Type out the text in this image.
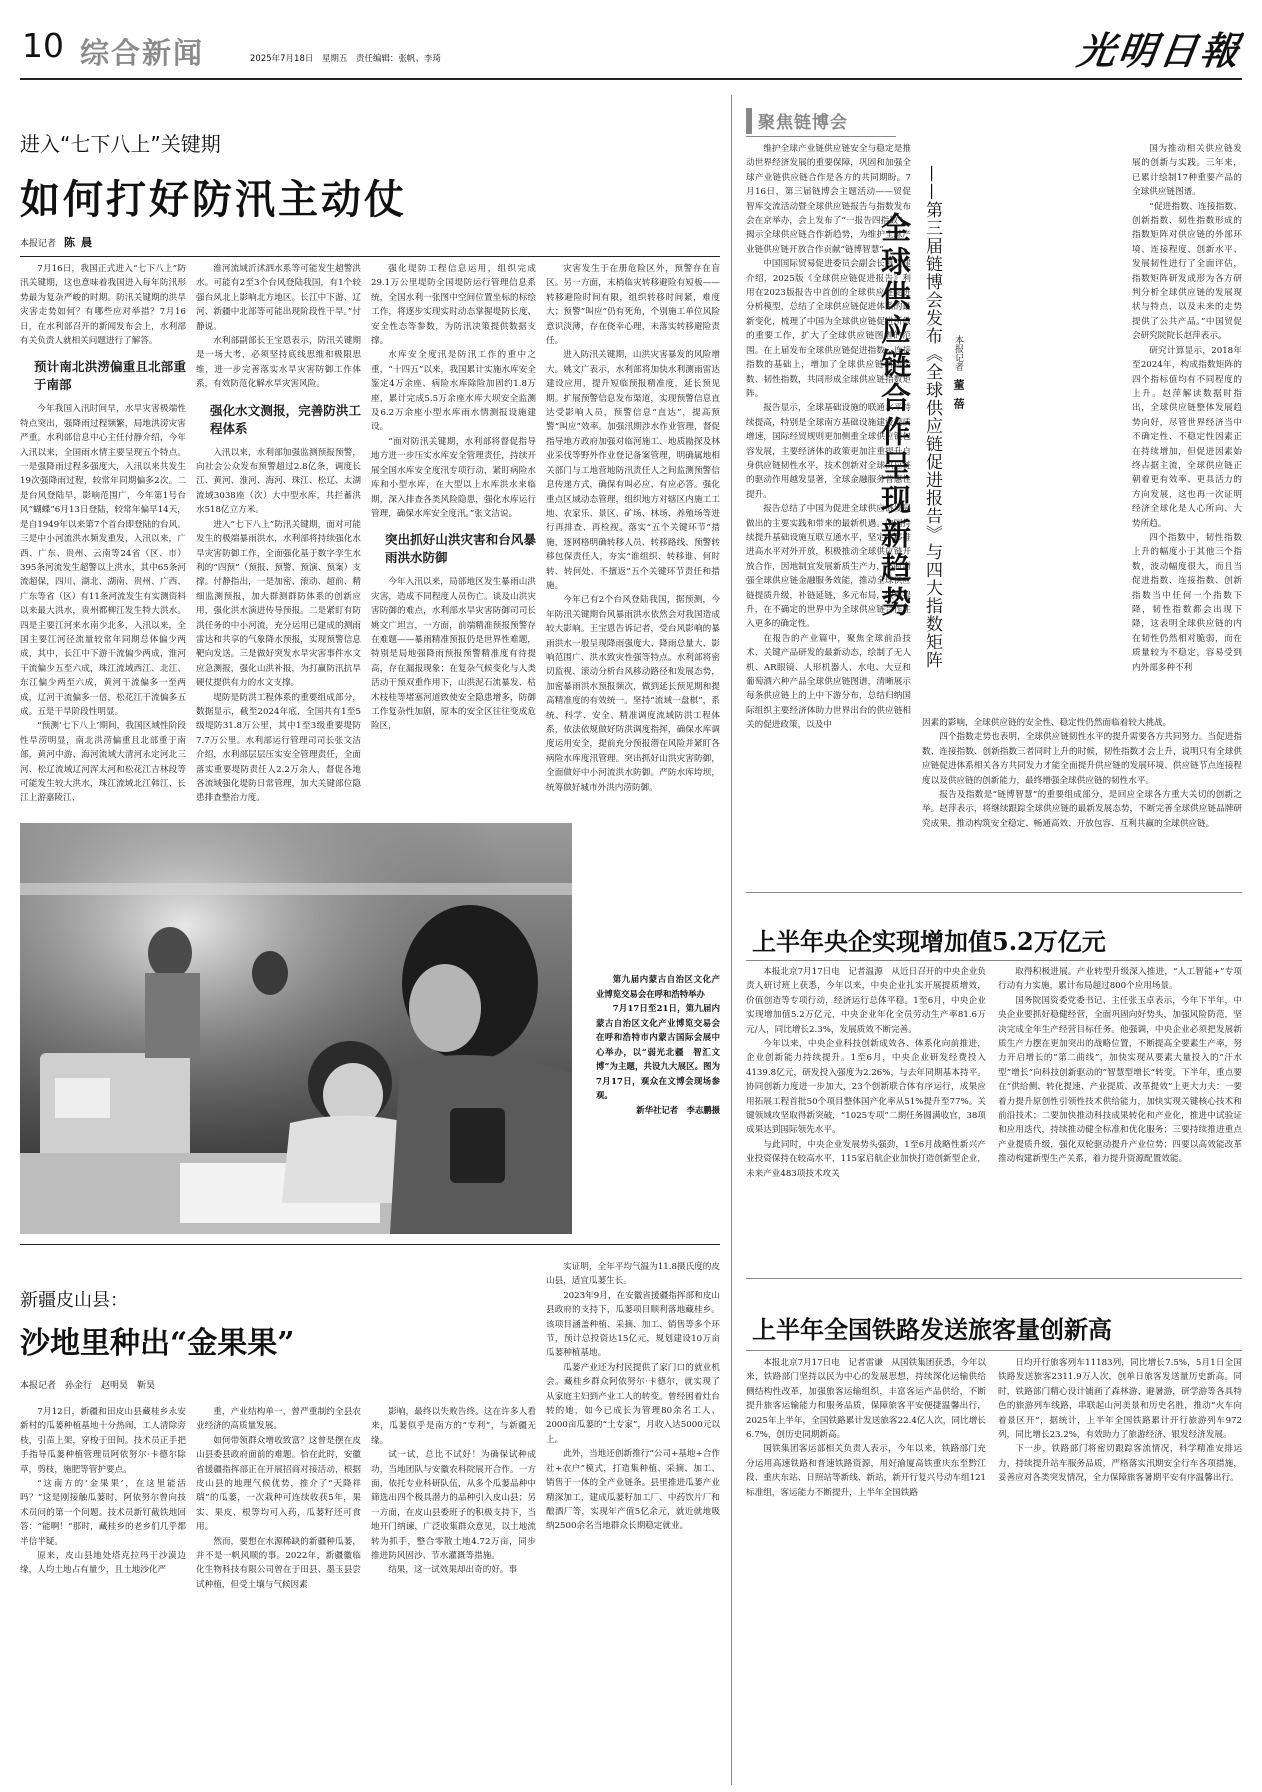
10 综合新闻	2025年7月18日　星期五　责任编辑：张帆、李琦	光明日報
进入“七下八上”关键期
如何打好防汛主动仗
本报记者 陈晨

7月16日，我国正式进入“七下八上”防汛关键期，这也意味着我国进入每年防汛形势最为复杂严峻的时期。防汛关键期的洪旱灾害走势如何？有哪些应对举措？7月16日，在水利部召开的新闻发布会上，水利部有关负责人就相关问题进行了解答。

预计南北洪涝偏重且北部重于南部

今年我国入汛时间早，水旱灾害极端性特点突出，强降雨过程频繁，局地洪涝灾害严重。水利部信息中心主任付静介绍，今年入汛以来，全国雨水情主要呈现五个特点。一是强降雨过程多强度大，入汛以来共发生19次强降雨过程，较常年同期偏多2次。二是台风登陆早，影响范围广，今年第1号台风“蝴蝶”6月13日登陆，较常年偏早14天，是自1949年以来第7个首台即登陆的台风。三是中小河流洪水频发重发，入汛以来，广西、广东、贵州、云南等24省（区、市）395条河流发生超警以上洪水，其中65条河流超保，四川、湖北、湖南、贵州、广西、广东等省（区）有11条河流发生有实测资料以来最大洪水，贵州都柳江发生特大洪水。四是主要江河来水南少北多，入汛以来，全国主要江河径流量较常年同期总体偏少两成，其中，长江中下游干流偏少两成，淮河干流偏少五至六成，珠江流域西江、北江、东江偏少两至六成，黄河干流偏多一至两成，辽河干流偏多一倍，松花江干流偏多五成。五是干旱阶段性明显。

“预测‘七下八上’期间，我国区域性阶段性旱涝明显，南北洪涝偏重且北部重于南部，黄河中游、海河流域大清河永定河北三河、松辽流域辽河浑太河和松花江吉林段等可能发生较大洪水，珠江流域北江韩江、长江上游嘉陵江、

淮河流域沂沭泗水系等可能发生超警洪水。可能有2至3个台风登陆我国，有1个较强台风北上影响北方地区。长江中下游、辽河、新疆中北部等可能出现阶段性干旱。”付静说。

水利部副部长王宝恩表示，防汛关键期是一场大考，必须坚持底线思维和极限思维，进一步完善落实水旱灾害防御工作体系，有效防范化解水旱灾害风险。

强化水文测报，完善防洪工程体系

入汛以来，水利部加强监测预报预警，向社会公众发布预警超过2.8亿条，调度长江、黄河、淮河、海河、珠江、松辽、太湖流域3038座（次）大中型水库，共拦蓄洪水518亿立方米。

进入“七下八上”防汛关键期，面对可能发生的极端暴雨洪水，水利部将持续强化水旱灾害防御工作，全面强化基于数字孪生水利的“四预”（预报、预警、预演、预案）支撑。付静指出，一是加密、滚动、超前、精细监测预报，加大群测群防体系的创新应用，强化洪水演进传导预报。二是紧盯有防洪任务的中小河流，充分运用已建成的测雨雷达和共享的气象降水预报，实现预警信息靶向发送。三是做好突发水旱灾害事件水文应急测报，强化山洪补报，为打赢防汛抗旱硬仗提供有力的水文支撑。

堤防是防洪工程体系的重要组成部分，数据显示，截至2024年底，全国共有1至5级堤防31.8万公里，其中1至3级重要堤防7.7万公里。水利部运行管理司司长张文洁介绍，水利部层层压实安全管理责任，全面落实重要堤防责任人2.2万余人，督促各地各流域强化堤防日常管理，加大关键部位隐患排查整治力度。

强化堤防工程信息运用，组织完成29.1万公里堤防全国堤防运行管理信息系统，全国水利一张图中空间位置坐标的标绘工作，将逐步实现实时动态掌握堤防长度、安全性态等参数，为防汛决策提供数据支撑。

水库安全度汛是防汛工作的重中之重，“十四五”以来，我国累计实施水库安全鉴定4万余座、病险水库除险加固约1.8万座，累计完成5.5万余座水库大坝安全监测及6.2万余座小型水库雨水情测报设施建设。

“面对防汛关键期，水利部将督促指导地方进一步压实水库安全管理责任，持续开展全国水库安全度汛专项行动，紧盯病险水库和小型水库，在大型以上水库洪水来临期，深入排查各类风险隐患，强化水库运行管理，确保水库安全度汛。”张文洁说。

突出抓好山洪灾害和台风暴雨洪水防御

今年入汛以来，局部地区发生暴雨山洪灾害，造成不同程度人员伤亡。谈及山洪灾害防御的难点，水利部水旱灾害防御司司长姚文广坦言，一方面，前端精准预报预警存在难题——暴雨精准预报仍是世界性难题，特别是局地强降雨预报预警精准度有待提高，存在漏报现象；在复杂气候变化与人类活动干预双重作用下，山洪泥石流暴发、枯木枝桂等堵塞河道致使安全隐患增多，防御工作复杂性加剧，原本的安全区往往变成危险区，

灾害发生于在册危险区外，预警存在盲区。另一方面，末梢临灾转移避险有短板——转移避险时间有限，组织转移时间紧，难度大；预警“叫应”仍有死角，个别施工单位风险意识淡薄，存在侥幸心理，未落实转移避险责任。

进入防汛关键期，山洪灾害暴发的风险增大。姚文广表示，水利部将加快水利测雨雷达建设应用，提升短临预报精准度，延长预见期。扩展预警信息发布渠道，实现预警信息直达受影响人员，预警信息“直达”，提高预警“叫应”效率。加强汛期涉水作业管理，督促指导地方政府加强对临河施工、地质勘探及林业采伐等野外作业登记备案管理，明确属地相关部门与工地营地防汛责任人之间监测预警信息传递方式，确保有叫必应、有应必答。强化重点区域动态管理，组织地方对辖区内施工工地、农家乐、景区、矿场、林场、养殖场等进行再排查、再检视。落实“五个关键环节”措施，逐网格明确转移人员、转移路线、预警转移包保责任人，夯实“谁组织、转移谁、何时转、转何处、不擅返”五个关键环节责任和措施。

今年已有2个台风登陆我国，据预测，今年防汛关键期台风暴雨洪水依然会对我国造成较大影响。王宝恩告诉记者，受台风影响的暴雨洪水一般呈现降雨强度大、降雨总量大、影响范围广、洪水致灾性强等特点。水利部将密切监视、滚动分析台风移动路径和发展态势，加密暴雨洪水预报频次，做到延长预见期和提高精准度的有效统一。坚持“流域一盘棋”，系统、科学、安全、精准调度流域防洪工程体系，依法依规做好防洪调度指挥，确保水库调度运用安全，提前充分预报潜在风险并紧盯各病险水库度汛管理。突出抓好山洪灾害防御，全面做好中小河流洪水防御。严防水库垮坝，统筹做好城市外洪内涝防御。

第九届内蒙古自治区文化产业博览交易会在呼和浩特举办
7月17日至21日，第九届内蒙古自治区文化产业博览交易会在呼和浩特市内蒙古国际会展中心举办，以“弱光北疆　智汇文博”为主题，共设九大展区。图为7月17日，观众在文博会现场参观。
新华社记者　李志鹏摄
新疆皮山县：
沙地里种出“金果果”
本报记者　孙金行　赵明昊　靳昊

7月12日，新疆和田皮山县藏桂乡永安新村的瓜蒌种植基地十分热闹，工人清除旁枝，引苗上架，穿梭于田间。技术员正手把手指导瓜蒌种植管理员阿依努尔·卡德尔除草，剪枝，施肥等管护要点。

“这南方的‘金果果’，在这里能活吗？”这是刚接触瓜蒌时，阿依努尔曾向技术员问的第一个问题。技术员新钉截铁地回答：“能啊！”那时，藏桂乡的老乡们几乎都半信半疑。

原来，皮山县地处塔克拉玛干沙漠边缘，人均土地占有量少，且土地沙化严

重，产业结构单一，曾严重制约全县农业经济的高质量发展。

如何带领群众增收致富？这曾是摆在皮山县委县政府面前的难题。恰在此时，安徽省援疆指挥部正在开展招商对接活动，根据皮山县的地理气候优势，推介了“天降祥瑞”的瓜蒌，一次栽种可连续收获5年，果实、果皮、根等均可入药，瓜蒌籽还可食用。

然而，要想在水源稀缺的新疆种瓜蒌，并不是一帆风顺的事。2022年，新疆徽临化生物科技有限公司曾在于田县、墨玉县尝试种植，但受土壤与气候因素

影响，最终以失败告终。这在许多人看来，瓜蒌似乎是南方的“专利”，与新疆无缘。

试一试，总比不试好！为确保试种成功，当地团队与安徽农科院展开合作。一方面，依托专业科研队伍，从多个瓜蒌品种中筛选出四个极具潜力的品种引入皮山县；另一方面，在皮山县委班子的积极支持下，当地开门纳谏，广泛收集群众意见，以土地流转为抓手，整合零散土地4.72万亩，同步推进防风固沙、节水灌溉等措施。

结果，这一试效果却出奇的好。事

实证明，全年平均气温为11.8摄氏度的皮山县，适宜瓜蒌生长。

2023年9月，在安徽省援疆指挥部和皮山县政府的支持下，瓜蒌项目顺利落地藏桂乡。该项目涵盖种植、采摘、加工、销售等多个环节，预计总投资达15亿元，规划建设10万亩瓜蒌种植基地。

瓜蒌产业还为村民提供了家门口的就业机会。藏桂乡群众阿依努尔·卡德尔，就实现了从家庭主妇到产业工人的转变。曾经困着灶台转的她，如今已成长为管理80余名工人、2000亩瓜蒌的“土专家”，月收入达5000元以上。

此外，当地还创新推行“公司+基地+合作社+农户”模式，打造集种植、采摘、加工、销售于一体的全产业链条。县里推进瓜蒌产业精深加工，建成瓜蒌籽加工厂、中药饮片厂和酿酒厂等，实现年产值5亿余元，就近就地吸纳2500余名当地群众长期稳定就业。

聚焦链博会

维护全球产业链供应链安全与稳定是推动世界经济发展的重要保障，巩固和加强全球产业链供应链合作是各方的共同期盼。7月16日，第三届链博会主题活动——贸促智库交流活动暨全球供应链报告与指数发布会在京举办，会上发布了“一报告四指数”，揭示全球供应链合作新趋势，为维护全球产业链供应链开放合作贡献“链博智慧”。

中国国际贸易促进委员会副会长聂文建介绍，2025版《全球供应链促进报告》利用在2023版报告中首创的全球供应链促进分析模型，总结了全球供应链促进体系的最新变化，梳理了中国为全球供应链促进所做的重要工作，扩大了全球供应链图谱的范围。在上届发布全球供应链促进指数、连接指数的基础上，增加了全球供应链创新指数、韧性指数，共同形成全球供应链指数矩阵。

报告显示，全球基础设施的联通水平持续提高，特别是全球南方基础设施建设提质增速，国际经贸规则更加侧重全球供应链包容发展，主要经济体的政策更加注重提升自身供应链韧性水平，技术创新对全球供应链的驱动作用越发显著，全球金融服务普惠性提升。

报告总结了中国为促进全球供应链发展做出的主要实践和带来的最新机遇。中国持续提升基础设施互联互通水平，坚定不移推进高水平对外开放，积极推动全球供应链开放合作，因地制宜发展新质生产力，不断增强全球供应链金融服务效能，推动全球供应链提质升级，补链延链，多元布局，效率提升，在不确定的世界中为全球供应链合作注入更多的确定性。

在报告的产业篇中，聚焦全球前沿技术、关键产品研发的最新动态，绘制了无人机、AR眼镜、人形机器人、水电、大豆和葡萄酒六种产品全球供应链图谱，清晰展示每条供应链上的上中下游分布，总结归纳国际组织主要经济体助力世界出台的供应链相关的促进政策，以及中

全球供应链合作呈现新趋势 ——第三届链博会发布《全球供应链促进报告》与四大指数矩阵	本报记者董蓓

国为推动相关供应链发展的创新与实践。三年来，已累计绘制17种重要产品的全球供应链图谱。

“促进指数、连接指数、创新指数、韧性指数形成的指数矩阵对供应链的外部环境、连接程度、创新水平、发展韧性进行了全面评估，指数矩阵研发成形为各方研判分析全球供应链的发展现状与特点，以及未来的走势提供了公共产品。”中国贸促会研究院院长赵萍表示。

研究计算显示，2018年至2024年，构成指数矩阵的四个指标值均有不同程度的上升。赵萍解读数据时指出，全球供应链整体发展趋势向好，尽管世界经济当中不确定性、不稳定性因素正在持续增加，但促进因素始终占据主流，全球供应链正朝着更有效率、更具活力的方向发展，这也再一次证明经济全球化是人心所向、大势所趋。

四个指数中，韧性指数上升的幅度小于其他三个指数，波动幅度很大，而且当促进指数、连接指数、创新指数当中任何一个指数下降，韧性指数都会出现下降，这表明全球供应链的内在韧性仍然相对脆弱，而在质量较为不稳定，容易受到内外部多种不利

因素的影响，全球供应链的安全性、稳定性仍然面临着较大挑战。

四个指数走势也表明，全球供应链韧性水平的提升需要各方共同努力。当促进指数、连接指数、创新指数三者同时上升的时候，韧性指数才会上升，说明只有全球供应链促进体系相关各方共同发力才能全面提升供应链的发展环境、供应链节点连接程度以及供应链的创新能力，最终增强全球供应链的韧性水平。

报告及指数是“链博智慧”的重要组成部分，是回应全球各方重大关切的创新之举。赵萍表示，将继续跟踪全球供应链的最新发展态势，不断完善全球供应链品牌研究成果，推动构筑安全稳定、畅通高效、开放包容、互利共赢的全球供应链。

上半年央企实现增加值5.2万亿元

本报北京7月17日电　记者温源　从近日召开的中央企业负责人研讨班上获悉，今年以来，中央企业扎实开展提质增效，价值创造等专项行动，经济运行总体平稳。1至6月，中央企业实现增加值5.2万亿元，中央企业年化全员劳动生产率81.6万元/人，同比增长2.3%，发展质效不断完善。

今年以来，中央企业科技创新成效各、体系化向前推进，企业创新能力持续提升。1至6月，中央企业研发经费投入4139.8亿元，研发投入强度为2.26%，与去年同期基本持平。协同创新力度进一步加大，23个创新联合体有序运行，成果应用拓展工程首批50个项目整体国产化率从51%提升至77%。关键领域攻坚取得新突破，“1025专项”二期任务圆满收官，38项成果达到国际领先水平。

与此同时，中央企业发展势头强劲，1至6月战略性新兴产业投资保持在较高水平，115家启航企业加快打造创新型企业，未来产业483项技术攻关

取得积极进展。产业转型升级深入推进，“人工智能+”专项行动有力实施，累计布局超过800个应用场景。

国务院国资委党委书记、主任张玉卓表示，今年下半年，中央企业要抓好稳健经营，全面巩固向好势头，加强风险防范，坚决完成全年生产经营目标任务。他强调，中央企业必须把发展新质生产力摆在更加突出的战略位置，不断提高全要素生产率，努力开启增长的“第二曲线”，加快实现从要素大量投入的“汗水型”增长“向科技创新驱动的”智慧型增长“转变。下半年，重点要在“供给侧、转化提速、产业提质、改革提效”上更大力夫：一要着力提升原创性引领性技术供给能力，加快实现关键核心技术和前沿技术；二要加快推动科技成果转化和产业化，推进中试验证和应用迭代，持续推动健全标准和优化服务；三要持续推进重点产业提质升级，强化双轮驱动提升产业位势；四要以高效能改革推动构建新型生产关系，着力提升资源配置效能。

上半年全国铁路发送旅客量创新高

本报北京7月17日电　记者雷谦　从国铁集团获悉，今年以来，铁路部门坚持以民为中心的发展思想，持续深化运输供给侧结构性改革，加强旅客运输组织，丰富客运产品供给，不断提升旅客运输能力和服务品质，保障旅客平安便捷温馨出行，2025年上半年，全国铁路累计发送旅客22.4亿人次，同比增长6.7%，创历史同期新高。

国铁集团客运部相关负责人表示，今年以来，铁路部门充分运用高速铁路和普速铁路资源，用好渝厦高铁重庆东至黔江段、重庆东站、日照站等新线、新站，新开行复兴号动车组121标准组，客运能力不断提升，上半年全国铁路

日均开行旅客列车11183列，同比增长7.5%，5月1日全国铁路发送旅客2311.9万人次，创单日旅客发送量历史新高。同时，铁路部门精心设计铺画了森林游、避暑游，研学游等各具特色的旅游列车线路，串联起山河美景和历史名胜，推动“火车向着景区开”，据统计，上半年全国铁路累计开行旅游列车972列，同比增长23.2%，有效助力了旅游经济、银发经济发展。

下一步，铁路部门将密切跟踪客流情况，科学精准安排运力，持续提升站车服务品质，严格落实汛期安全行车各项措施，妥善应对各类突发情况，全力保障旅客暑期平安有序温馨出行。
